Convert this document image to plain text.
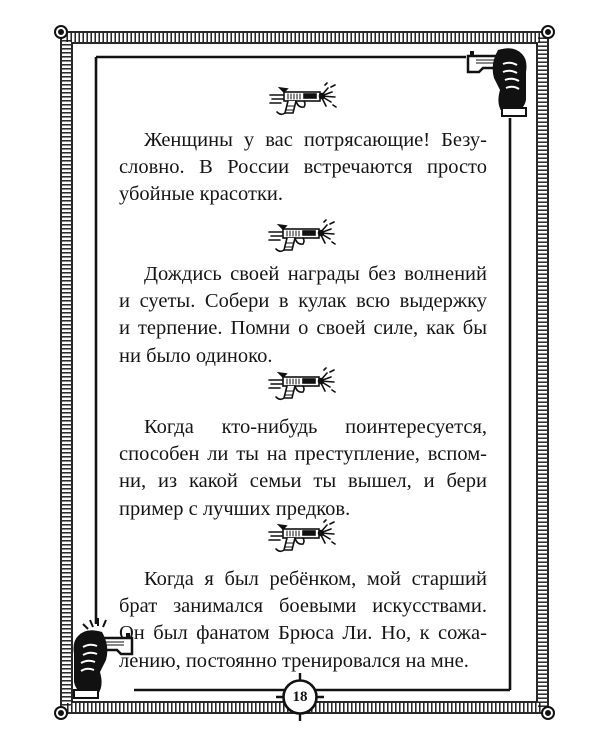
Женщины у вас потрясающие! Безу-
словно. В России встречаются просто
убойные красотки.
Дождись своей награды без волнений
и суеты. Собери в кулак всю выдержку
и терпение. Помни о своей силе, как бы
ни было одиноко.
Когда кто-нибудь поинтересуется,
способен ли ты на преступление, вспом-
ни, из какой семьи ты вышел, и бери
пример с лучших предков.
Когда я был ребёнком, мой старший
брат занимался боевыми искусствами.
Он был фанатом Брюса Ли. Но, к сожа-
лению, постоянно тренировался на мне.
18
